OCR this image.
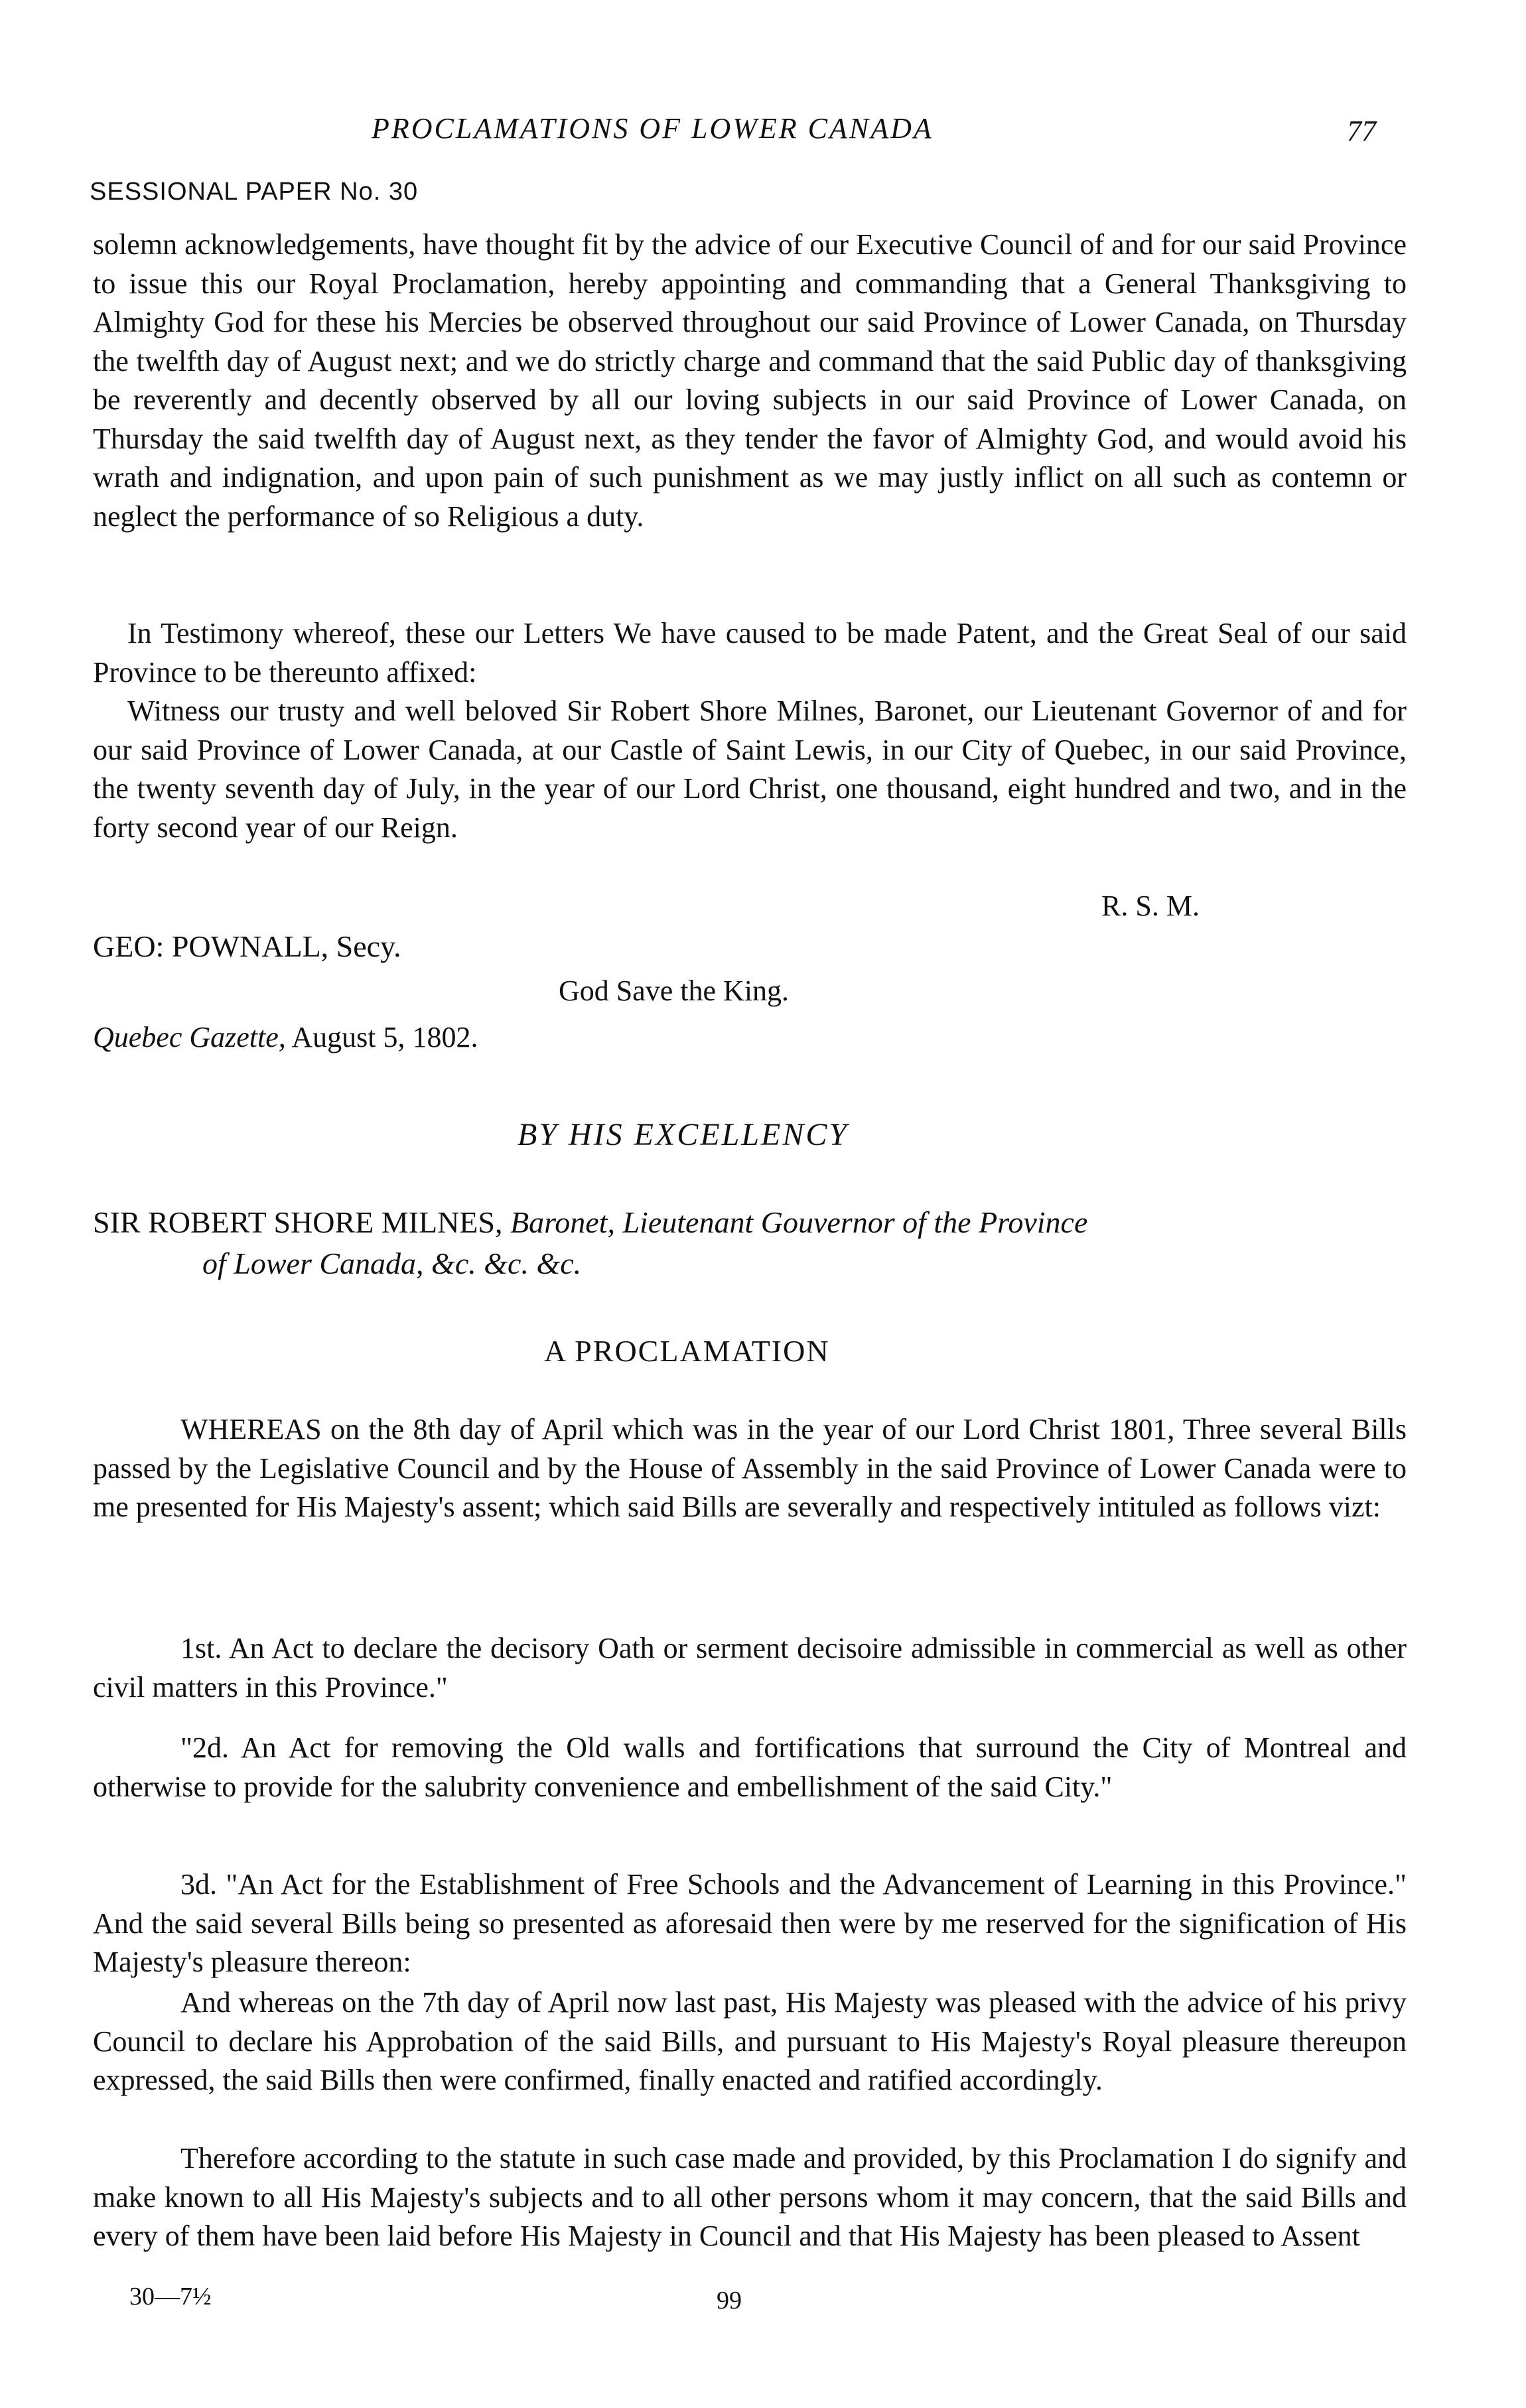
PROCLAMATIONS OF LOWER CANADA	77
SESSIONAL PAPER No. 30

solemn acknowledgements, have thought fit by the advice of our Executive Council of and for our said Province to issue this our Royal Proclamation, hereby appointing and commanding that a General Thanksgiving to Almighty God for these his Mercies be observed throughout our said Province of Lower Canada, on Thursday the twelfth day of August next; and we do strictly charge and command that the said Public day of thanksgiving be reverently and decently observed by all our loving subjects in our said Province of Lower Canada, on Thursday the said twelfth day of August next, as they tender the favor of Almighty God, and would avoid his wrath and indignation, and upon pain of such punishment as we may justly inflict on all such as contemn or neglect the performance of so Religious a duty.

In Testimony whereof, these our Letters We have caused to be made Patent, and the Great Seal of our said Province to be thereunto affixed:

Witness our trusty and well beloved Sir Robert Shore Milnes, Baronet, our Lieutenant Governor of and for our said Province of Lower Canada, at our Castle of Saint Lewis, in our City of Quebec, in our said Province, the twenty seventh day of July, in the year of our Lord Christ, one thousand, eight hundred and two, and in the forty second year of our Reign.

R. S. M.
GEO: POWNALL, Secy.
God Save the King.
Quebec Gazette, August 5, 1802.
BY HIS EXCELLENCY

SIR ROBERT SHORE MILNES, Baronet, Lieutenant Gouvernor of the Province
of Lower Canada, &c. &c. &c.

A PROCLAMATION

WHEREAS on the 8th day of April which was in the year of our Lord Christ 1801, Three several Bills passed by the Legislative Council and by the House of Assembly in the said Province of Lower Canada were to me presented for His Majesty's assent; which said Bills are severally and respectively intituled as follows vizt:

1st. An Act to declare the decisory Oath or serment decisoire admissible in commercial as well as other civil matters in this Province."

"2d. An Act for removing the Old walls and fortifications that surround the City of Montreal and otherwise to provide for the salubrity convenience and embellishment of the said City."

3d. "An Act for the Establishment of Free Schools and the Advancement of Learning in this Province." And the said several Bills being so presented as aforesaid then were by me reserved for the signification of His Majesty's pleasure thereon:

And whereas on the 7th day of April now last past, His Majesty was pleased with the advice of his privy Council to declare his Approbation of the said Bills, and pursuant to His Majesty's Royal pleasure thereupon expressed, the said Bills then were confirmed, finally enacted and ratified accordingly.

Therefore according to the statute in such case made and provided, by this Proclamation I do signify and make known to all His Majesty's subjects and to all other persons whom it may concern, that the said Bills and every of them have been laid before His Majesty in Council and that His Majesty has been pleased to Assent

30—7½	99
